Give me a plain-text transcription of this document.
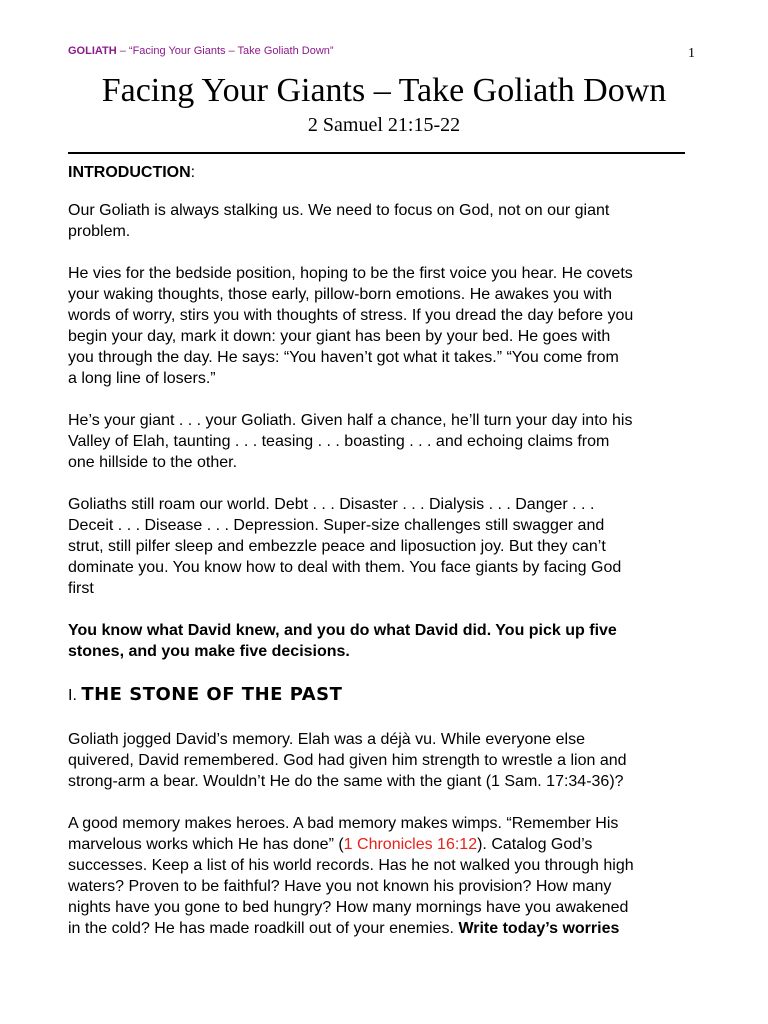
GOLIATH – “Facing Your Giants – Take Goliath Down”	1
Facing Your Giants – Take Goliath Down
2 Samuel 21:15-22
INTRODUCTION:

Our Goliath is always stalking us. We need to focus on God, not on our giant
problem.

He vies for the bedside position, hoping to be the first voice you hear. He covets
your waking thoughts, those early, pillow-born emotions. He awakes you with
words of worry, stirs you with thoughts of stress. If you dread the day before you
begin your day, mark it down: your giant has been by your bed. He goes with
you through the day. He says: “You haven’t got what it takes.” “You come from
a long line of losers.”

He’s your giant . . . your Goliath. Given half a chance, he’ll turn your day into his
Valley of Elah, taunting . . . teasing . . . boasting . . . and echoing claims from
one hillside to the other.

Goliaths still roam our world. Debt . . . Disaster . . . Dialysis . . . Danger . . .
Deceit . . . Disease . . . Depression. Super-size challenges still swagger and
strut, still pilfer sleep and embezzle peace and liposuction joy. But they can’t
dominate you. You know how to deal with them. You face giants by facing God
first

You know what David knew, and you do what David did. You pick up five
stones, and you make five decisions.

I. THE STONE OF THE PAST

Goliath jogged David’s memory. Elah was a déjà vu. While everyone else
quivered, David remembered. God had given him strength to wrestle a lion and
strong-arm a bear. Wouldn’t He do the same with the giant (1 Sam. 17:34-36)?

A good memory makes heroes. A bad memory makes wimps. “Remember His
marvelous works which He has done” (1 Chronicles 16:12). Catalog God’s
successes. Keep a list of his world records. Has he not walked you through high
waters? Proven to be faithful? Have you not known his provision? How many
nights have you gone to bed hungry? How many mornings have you awakened
in the cold? He has made roadkill out of your enemies. Write today’s worries
